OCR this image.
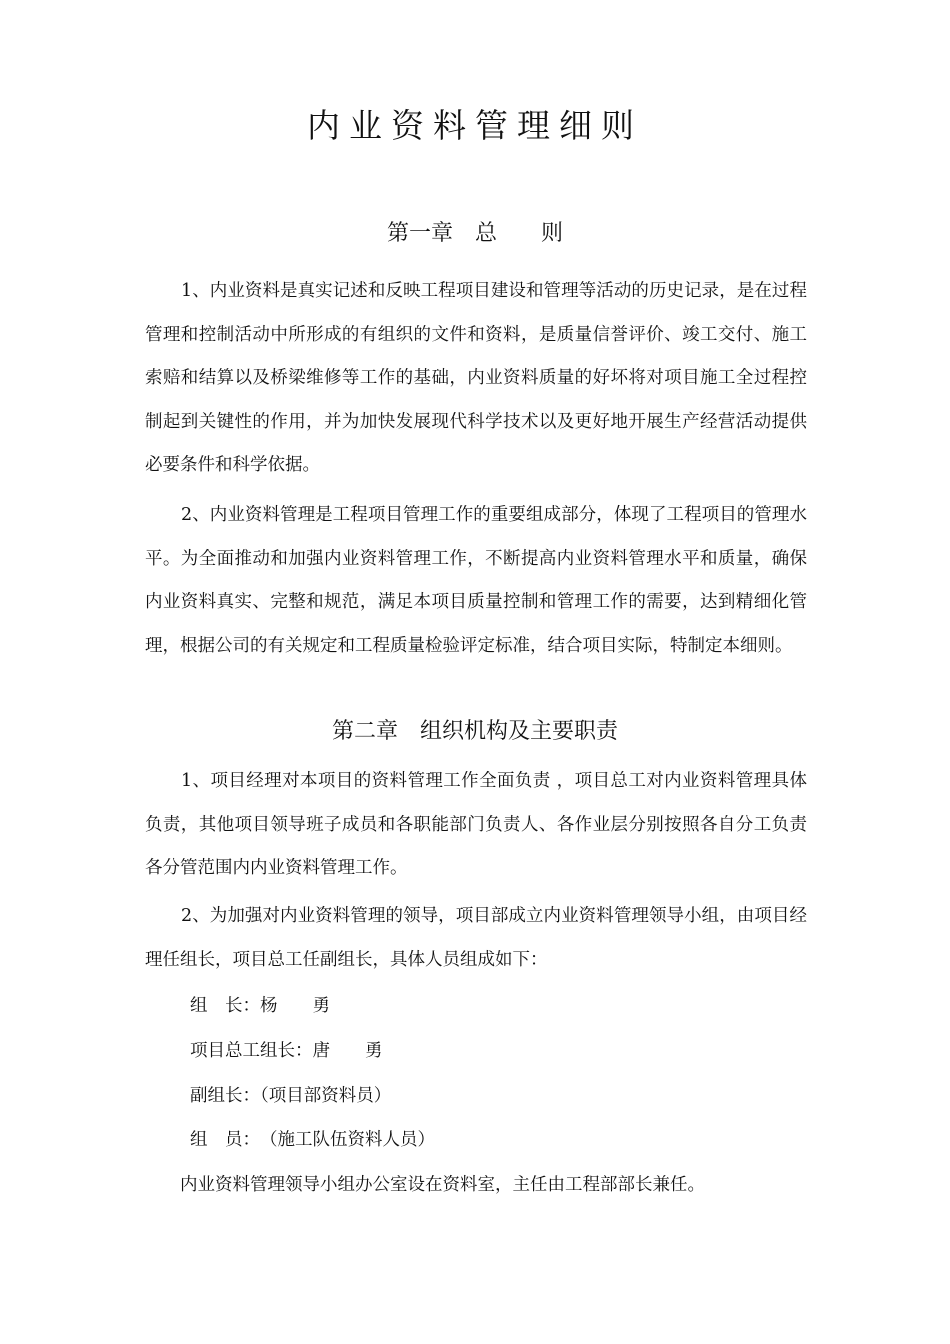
内业资料管理细则
第一章　总　　则

1、内业资料是真实记述和反映工程项目建设和管理等活动的历史记录，是在过程管理和控制活动中所形成的有组织的文件和资料，是质量信誉评价、竣工交付、施工索赔和结算以及桥梁维修等工作的基础，内业资料质量的好坏将对项目施工全过程控制起到关键性的作用，并为加快发展现代科学技术以及更好地开展生产经营活动提供必要条件和科学依据。

2、内业资料管理是工程项目管理工作的重要组成部分，体现了工程项目的管理水平。为全面推动和加强内业资料管理工作，不断提高内业资料管理水平和质量，确保内业资料真实、完整和规范，满足本项目质量控制和管理工作的需要，达到精细化管理，根据公司的有关规定和工程质量检验评定标准，结合项目实际，特制定本细则。

第二章　组织机构及主要职责

1、项目经理对本项目的资料管理工作全面负责 ，项目总工对内业资料管理具体负责，其他项目领导班子成员和各职能部门负责人、各作业层分别按照各自分工负责各分管范围内内业资料管理工作。

2、为加强对内业资料管理的领导，项目部成立内业资料管理领导小组，由项目经理任组长，项目总工任副组长，具体人员组成如下：

组　长：杨　　勇

项目总工组长：唐　　勇

副组长：（项目部资料员）

组　员：　（施工队伍资料人员）

内业资料管理领导小组办公室设在资料室，主任由工程部部长兼任。
